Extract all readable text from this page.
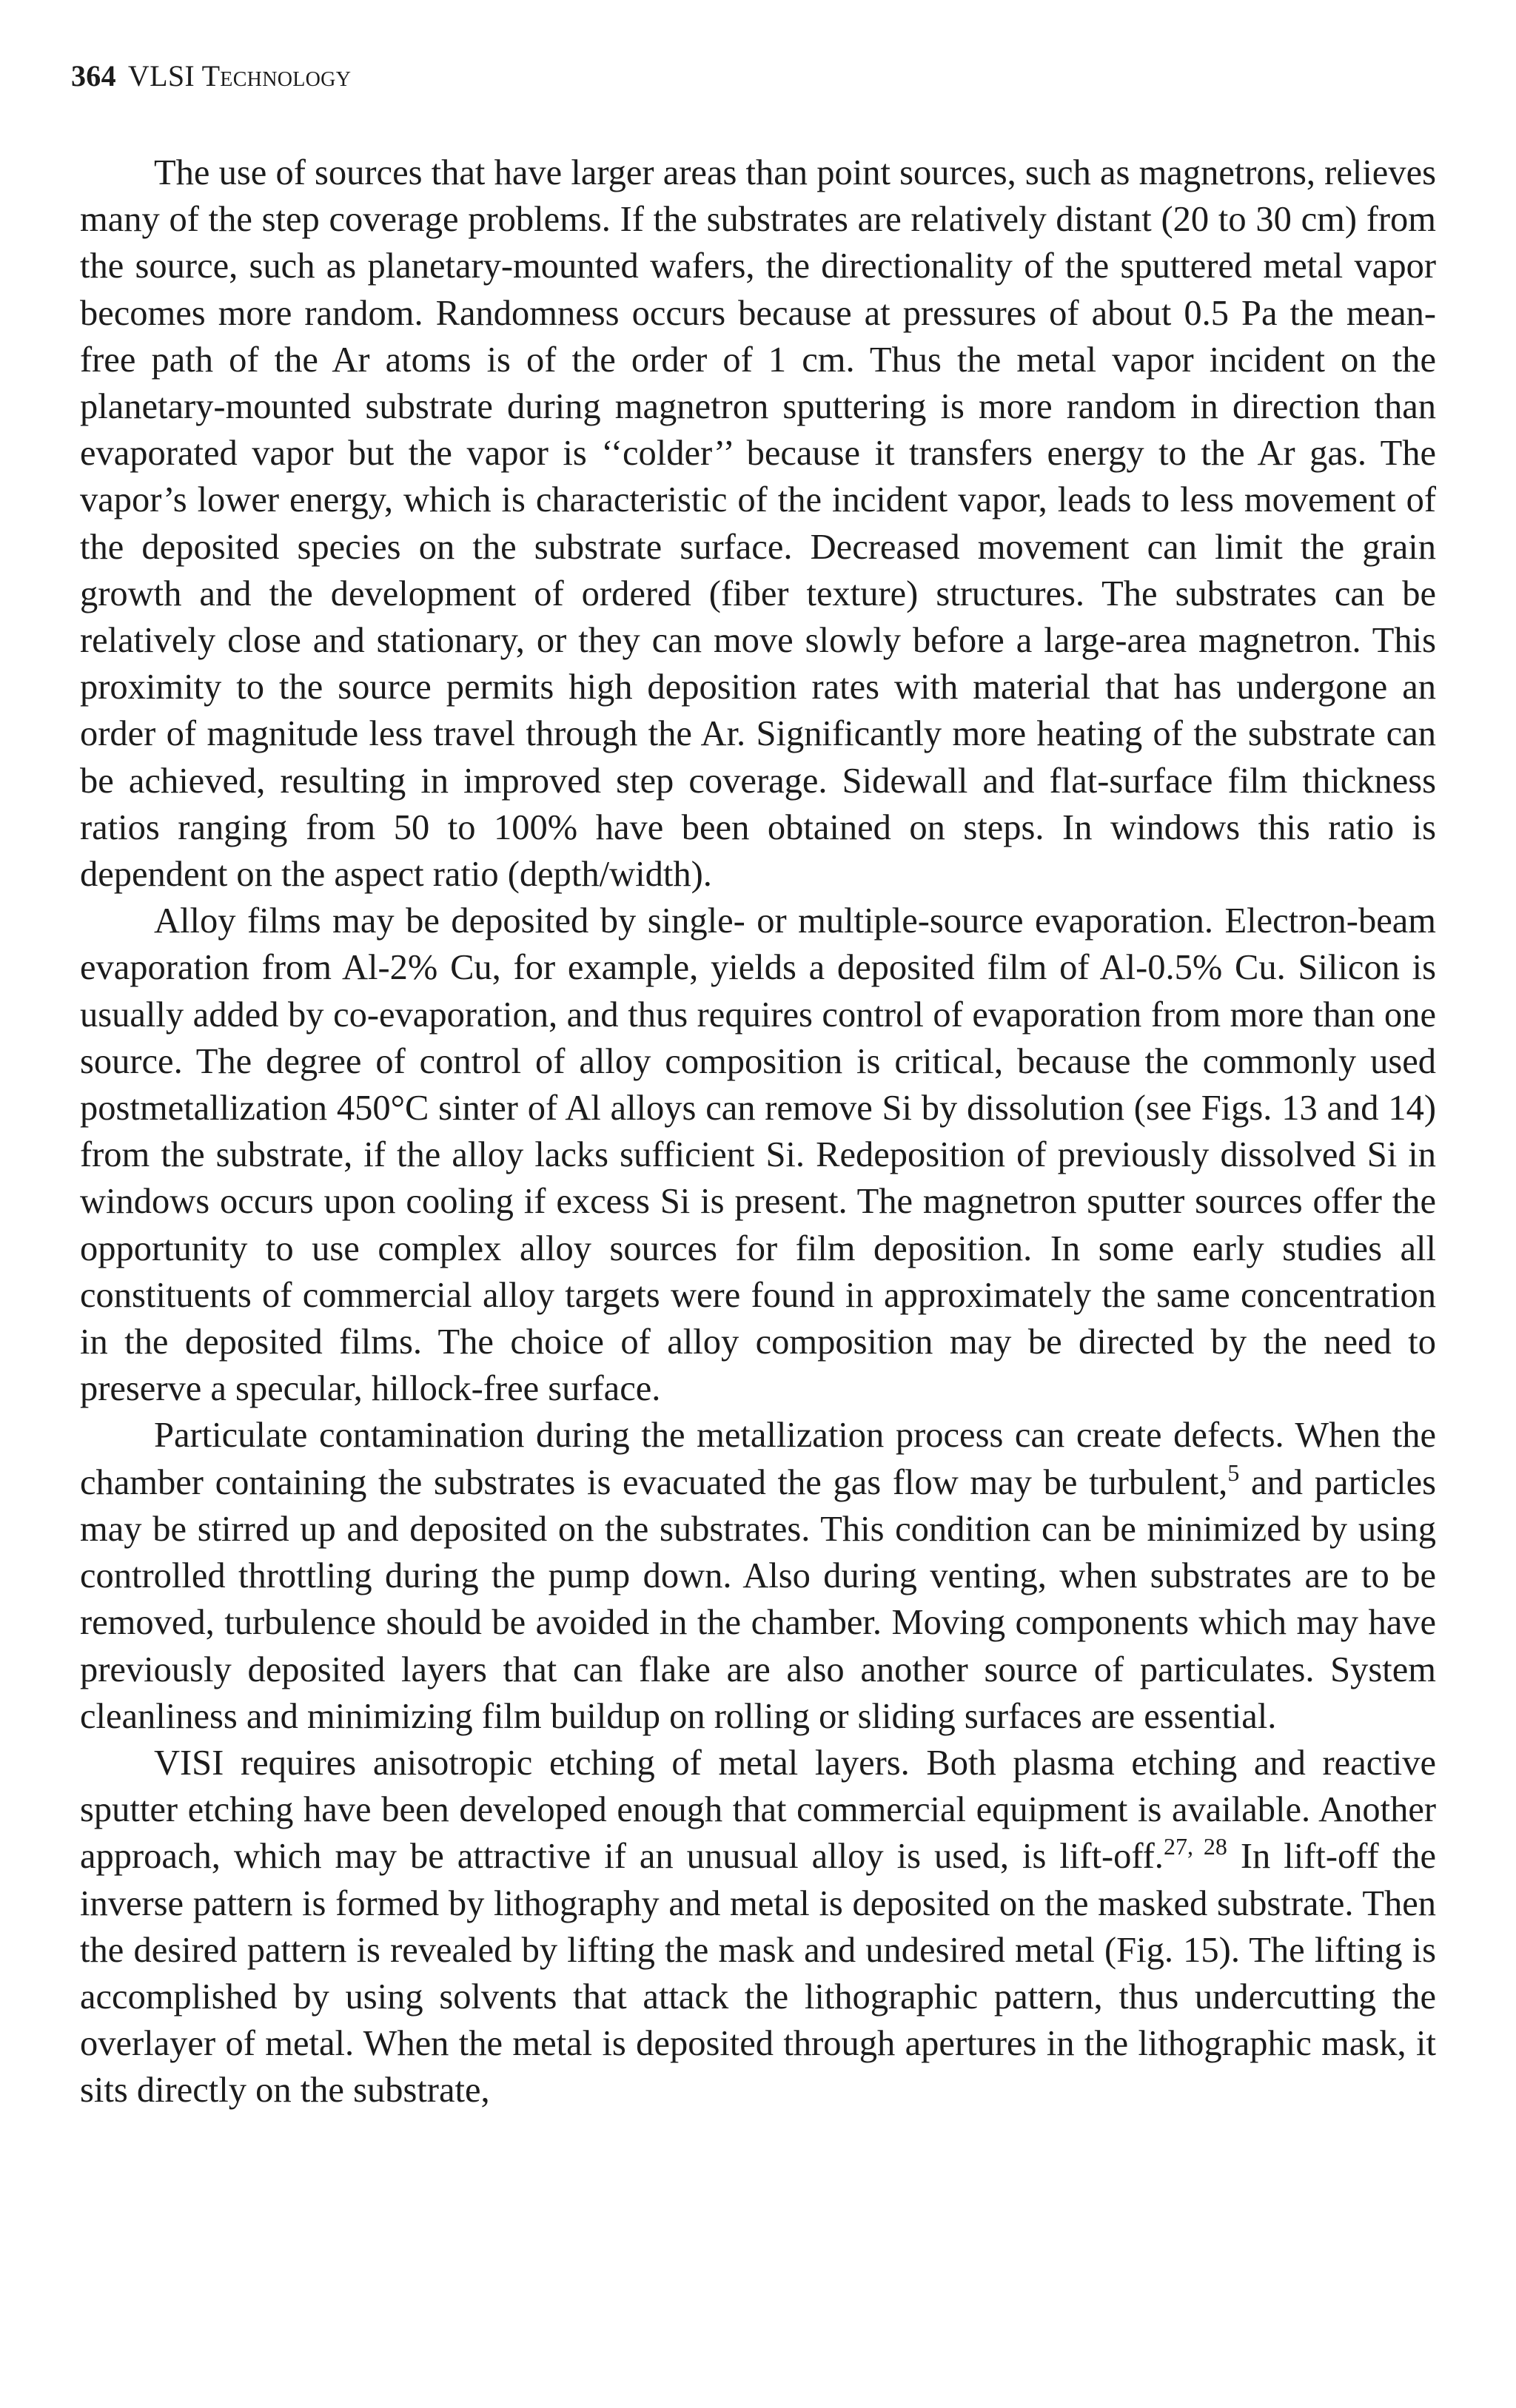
364 VLSI Technology

The use of sources that have larger areas than point sources, such as magnetrons, relieves many of the step coverage problems. If the substrates are relatively distant (20 to 30 cm) from the source, such as planetary-mounted wafers, the directionality of the sputtered metal vapor becomes more random. Randomness occurs because at pressures of about 0.5 Pa the mean-free path of the Ar atoms is of the order of 1 cm. Thus the metal vapor incident on the planetary-mounted substrate during magnetron sputtering is more random in direction than evaporated vapor but the vapor is ‘‘colder’’ because it transfers energy to the Ar gas. The vapor’s lower energy, which is characteristic of the incident vapor, leads to less movement of the deposited species on the substrate surface. Decreased movement can limit the grain growth and the development of ordered (fiber texture) structures. The substrates can be relatively close and stationary, or they can move slowly before a large-area magnetron. This proximity to the source permits high deposition rates with material that has undergone an order of magnitude less travel through the Ar. Significantly more heating of the substrate can be achieved, resulting in improved step coverage. Sidewall and flat-surface film thickness ratios ranging from 50 to 100% have been obtained on steps. In windows this ratio is dependent on the aspect ratio (depth/width).

Alloy films may be deposited by single- or multiple-source evaporation. Electron-beam evaporation from Al-2% Cu, for example, yields a deposited film of Al-0.5% Cu. Silicon is usually added by co-evaporation, and thus requires control of evaporation from more than one source. The degree of control of alloy composition is critical, because the commonly used postmetallization 450°C sinter of Al alloys can remove Si by dissolution (see Figs. 13 and 14) from the substrate, if the alloy lacks sufficient Si. Redeposition of previously dissolved Si in windows occurs upon cooling if excess Si is present. The magnetron sputter sources offer the opportunity to use complex alloy sources for film deposition. In some early studies all constituents of commercial alloy targets were found in approximately the same concentration in the deposited films. The choice of alloy composition may be directed by the need to preserve a specular, hillock-free surface.

Particulate contamination during the metallization process can create defects. When the chamber containing the substrates is evacuated the gas flow may be turbulent,$^5$ and particles may be stirred up and deposited on the substrates. This condition can be minimized by using controlled throttling during the pump down. Also during venting, when substrates are to be removed, turbulence should be avoided in the chamber. Moving components which may have previously deposited layers that can flake are also another source of particulates. System cleanliness and minimizing film buildup on rolling or sliding surfaces are essential.

VISI requires anisotropic etching of metal layers. Both plasma etching and reactive sputter etching have been developed enough that commercial equipment is available. Another approach, which may be attractive if an unusual alloy is used, is lift-off.$^{27, 28}$ In lift-off the inverse pattern is formed by lithography and metal is deposited on the masked substrate. Then the desired pattern is revealed by lifting the mask and undesired metal (Fig. 15). The lifting is accomplished by using solvents that attack the lithographic pattern, thus undercutting the overlayer of metal. When the metal is deposited through apertures in the lithographic mask, it sits directly on the substrate,
